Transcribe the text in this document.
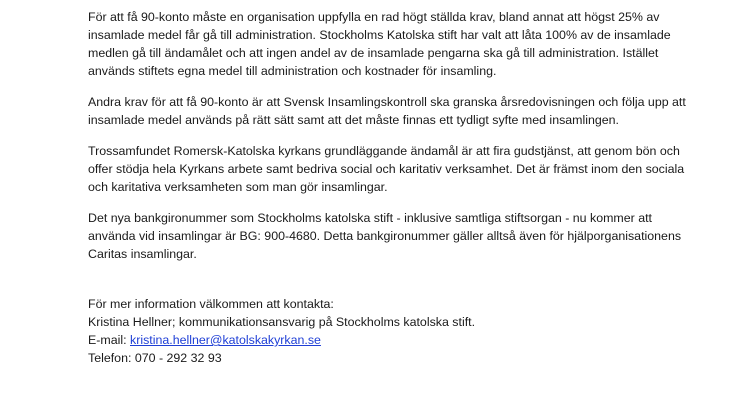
För att få 90-konto måste en organisation uppfylla en rad högt ställda krav, bland annat att högst 25% av insamlade medel får gå till administration. Stockholms Katolska stift har valt att låta 100% av de insamlade medlen gå till ändamålet och att ingen andel av de insamlade pengarna ska gå till administration. Istället används stiftets egna medel till administration och kostnader för insamling.

Andra krav för att få 90-konto är att Svensk Insamlingskontroll ska granska årsredovisningen och följa upp att insamlade medel används på rätt sätt samt att det måste finnas ett tydligt syfte med insamlingen.

Trossamfundet Romersk-Katolska kyrkans grundläggande ändamål är att fira gudstjänst, att genom bön och offer stödja hela Kyrkans arbete samt bedriva social och karitativ verksamhet. Det är främst inom den sociala och karitativa verksamheten som man gör insamlingar.

Det nya bankgironummer som Stockholms katolska stift - inklusive samtliga stiftsorgan - nu kommer att använda vid insamlingar är BG: 900-4680. Detta bankgironummer gäller alltså även för hjälporganisationens Caritas insamlingar.

För mer information välkommen att kontakta:
Kristina Hellner; kommunikationsansvarig på Stockholms katolska stift.
E-mail: kristina.hellner@katolskakyrkan.se
Telefon: 070 - 292 32 93
